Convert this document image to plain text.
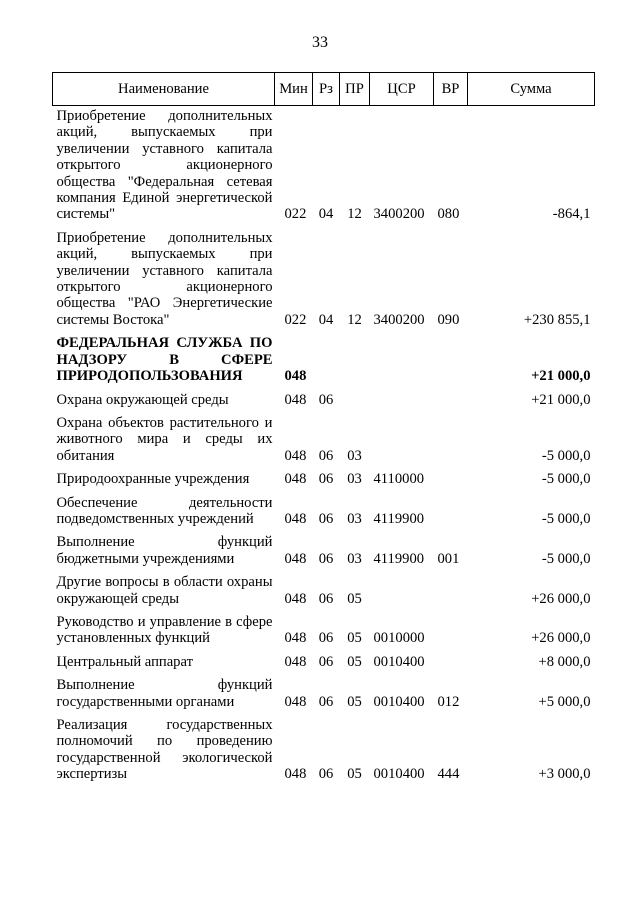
33
Наименование	Мин	Рз	ПР	ЦСР	ВР	Сумма
Приобретение дополнительных акций, выпускаемых при увеличении уставного капитала открытого акционерного общества "Федеральная сетевая компания Единой энергетической системы"	022	04	12	3400200	080	-864,1
Приобретение дополнительных акций, выпускаемых при увеличении уставного капитала открытого акционерного общества "РАО Энергетические системы Востока"	022	04	12	3400200	090	+230 855,1
ФЕДЕРАЛЬНАЯ СЛУЖБА ПО НАДЗОРУ В СФЕРЕ ПРИРОДОПОЛЬЗОВАНИЯ	048					+21 000,0
Охрана окружающей среды	048	06				+21 000,0
Охрана объектов растительного и животного мира и среды их обитания	048	06	03			-5 000,0
Природоохранные учреждения	048	06	03	4110000		-5 000,0
Обеспечение деятельности подведомственных учреждений	048	06	03	4119900		-5 000,0
Выполнение функций бюджетными учреждениями	048	06	03	4119900	001	-5 000,0
Другие вопросы в области охраны окружающей среды	048	06	05			+26 000,0
Руководство и управление в сфере установленных функций	048	06	05	0010000		+26 000,0
Центральный аппарат	048	06	05	0010400		+8 000,0
Выполнение функций государственными органами	048	06	05	0010400	012	+5 000,0
Реализация государственных полномочий по проведению государственной экологической экспертизы	048	06	05	0010400	444	+3 000,0
